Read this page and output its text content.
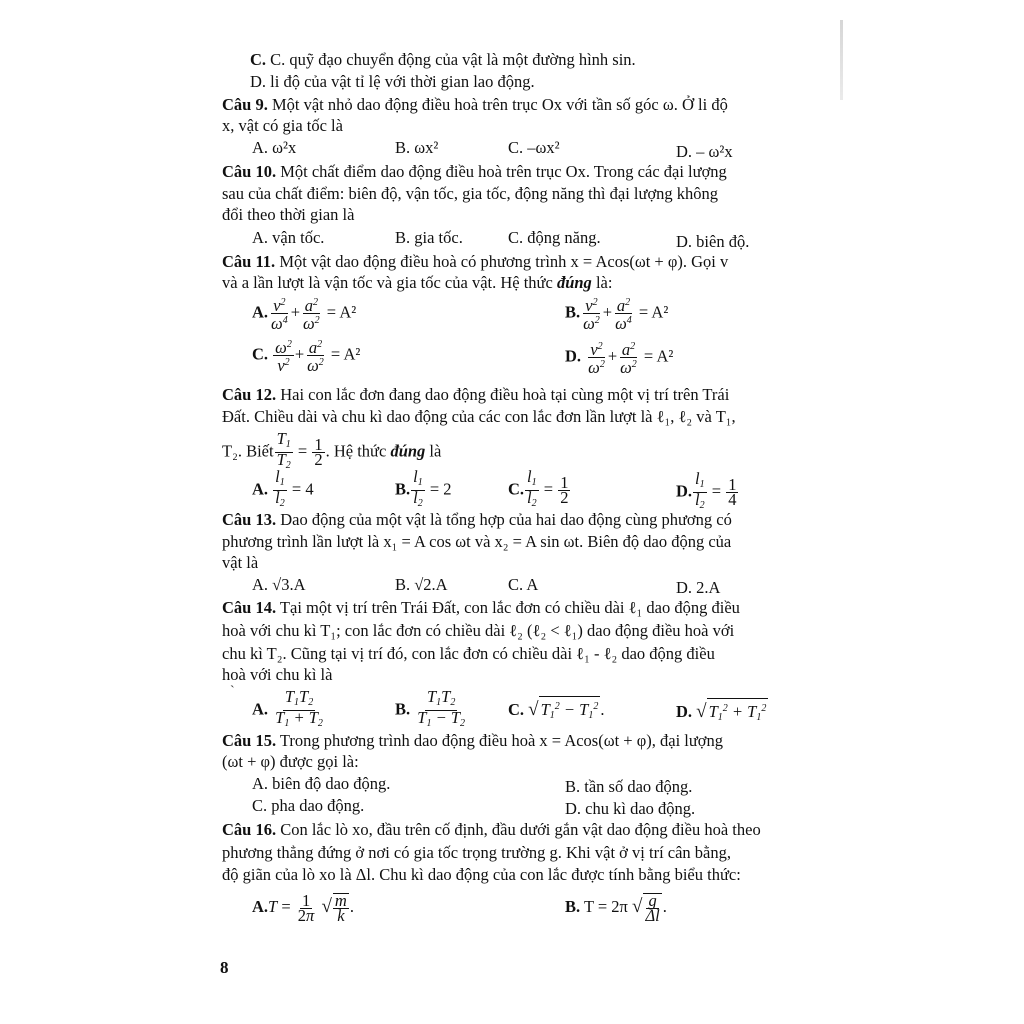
C. C. quỹ đạo chuyển động của vật là một đường hình sin.
D. li độ của vật tỉ lệ với thời gian lao động.
Câu 9. Một vật nhỏ dao động điều hoà trên trục Ox với tần số góc ω. Ở li độ
x, vật có gia tốc là
A. ω²x	B. ωx²	C. –ωx²	D. – ω²x
Câu 10. Một chất điểm dao động điều hoà trên trục Ox. Trong các đại lượng
sau của chất điểm: biên độ, vận tốc, gia tốc, động năng thì đại lượng không
đổi theo thời gian là
A. vận tốc.	B. gia tốc.	C. động năng.	D. biên độ.
Câu 11. Một vật dao động điều hoà có phương trình x = Acos(ωt + φ). Gọi v
và a lần lượt là vận tốc và gia tốc của vật. Hệ thức đúng là:
A. $\frac{v^2}{\omega^4} + \frac{a^2}{\omega^2} = A^2$	B. $\frac{v^2}{\omega^2} + \frac{a^2}{\omega^4} = A^2$
C. $\frac{\omega^2}{v^2} + \frac{a^2}{\omega^2} = A^2$	D. $\frac{v^2}{\omega^2} + \frac{a^2}{\omega^2} = A^2$
Câu 12. Hai con lắc đơn đang dao động điều hoà tại cùng một vị trí trên Trái
Đất. Chiều dài và chu kì dao động của các con lắc đơn lần lượt là ℓ₁, ℓ₂ và T₁,
T₂. Biết $\frac{T_1}{T_2} = \frac{1}{2}$ . Hệ thức đúng là
A. $\frac{l_1}{l_2} = 4$	B. $\frac{l_1}{l_2} = 2$	C. $\frac{l_1}{l_2} = \frac{1}{2}$	D. $\frac{l_1}{l_2} = \frac{1}{4}$
Câu 13. Dao động của một vật là tổng hợp của hai dao động cùng phương có
phương trình lần lượt là x₁ = A cos ωt và x₂ = A sin ωt. Biên độ dao động của
vật là
A. √3.A	B. √2.A	C. A	D. 2.A
Câu 14. Tại một vị trí trên Trái Đất, con lắc đơn có chiều dài ℓ₁ dao động điều
hoà với chu kì T₁; con lắc đơn có chiều dài ℓ₂ (ℓ₂ < ℓ₁) dao động điều hoà với
chu kì T₂. Cũng tại vị trí đó, con lắc đơn có chiều dài ℓ₁ - ℓ₂ dao động điều
hoà với chu kì là
`
A. $\frac{T_1T_2}{T_1 + T_2}$	B. $\frac{T_1T_2}{T_1 - T_2} C$. √ $T_1^2 - T_1^2$ .	D. √ $T_1^2 + T_1^2$
Câu 15. Trong phương trình dao động điều hoà x = Acos(ωt + φ), đại lượng
(ωt + φ) được gọi là:
A. biên độ dao động.	B. tần số dao động.
C. pha dao động.	D. chu kì dao động.
Câu 16. Con lắc lò xo, đầu trên cố định, đầu dưới gắn vật dao động điều hoà theo
phương thẳng đứng ở nơi có gia tốc trọng trường g. Khi vật ở vị trí cân bằng,
độ giãn của lò xo là Δl. Chu kì dao động của con lắc được tính bằng biểu thức:
$A.T = \frac{1}{2\pi}$ √ $\frac{m}{k}$ .	B. T = 2π √ $\frac{g}{\Delta l}$ .
8
